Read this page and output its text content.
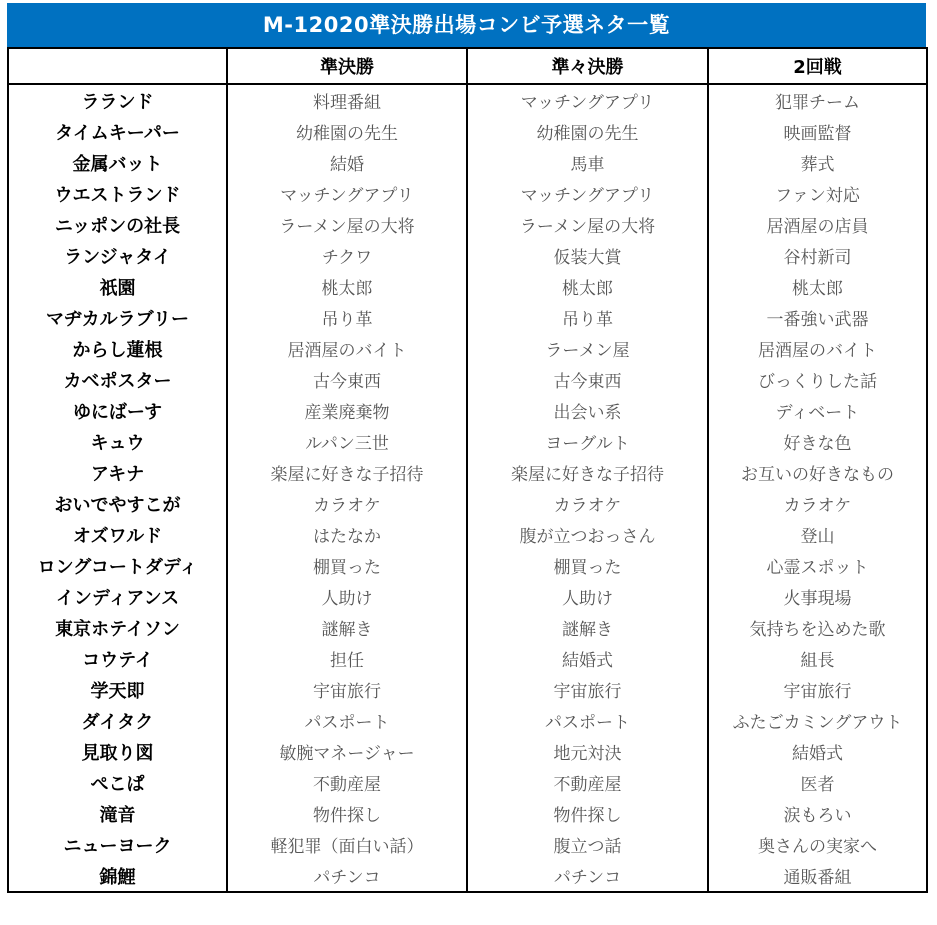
M-12020準決勝出場コンビ予選ネタ一覧
	準決勝	準々決勝	2回戦
ラランド	料理番組	マッチングアプリ	犯罪チーム
タイムキーパー	幼稚園の先生	幼稚園の先生	映画監督
金属バット	結婚	馬車	葬式
ウエストランド	マッチングアプリ	マッチングアプリ	ファン対応
ニッポンの社長	ラーメン屋の大将	ラーメン屋の大将	居酒屋の店員
ランジャタイ	チクワ	仮装大賞	谷村新司
祇園	桃太郎	桃太郎	桃太郎
マヂカルラブリー	吊り革	吊り革	一番強い武器
からし蓮根	居酒屋のバイト	ラーメン屋	居酒屋のバイト
カベポスター	古今東西	古今東西	びっくりした話
ゆにばーす	産業廃棄物	出会い系	ディベート
キュウ	ルパン三世	ヨーグルト	好きな色
アキナ	楽屋に好きな子招待	楽屋に好きな子招待	お互いの好きなもの
おいでやすこが	カラオケ	カラオケ	カラオケ
オズワルド	はたなか	腹が立つおっさん	登山
ロングコートダディ	棚買った	棚買った	心霊スポット
インディアンス	人助け	人助け	火事現場
東京ホテイソン	謎解き	謎解き	気持ちを込めた歌
コウテイ	担任	結婚式	組長
学天即	宇宙旅行	宇宙旅行	宇宙旅行
ダイタク	パスポート	パスポート	ふたごカミングアウト
見取り図	敏腕マネージャー	地元対決	結婚式
ぺこぱ	不動産屋	不動産屋	医者
滝音	物件探し	物件探し	涙もろい
ニューヨーク	軽犯罪（面白い話）	腹立つ話	奥さんの実家へ
錦鯉	パチンコ	パチンコ	通販番組
